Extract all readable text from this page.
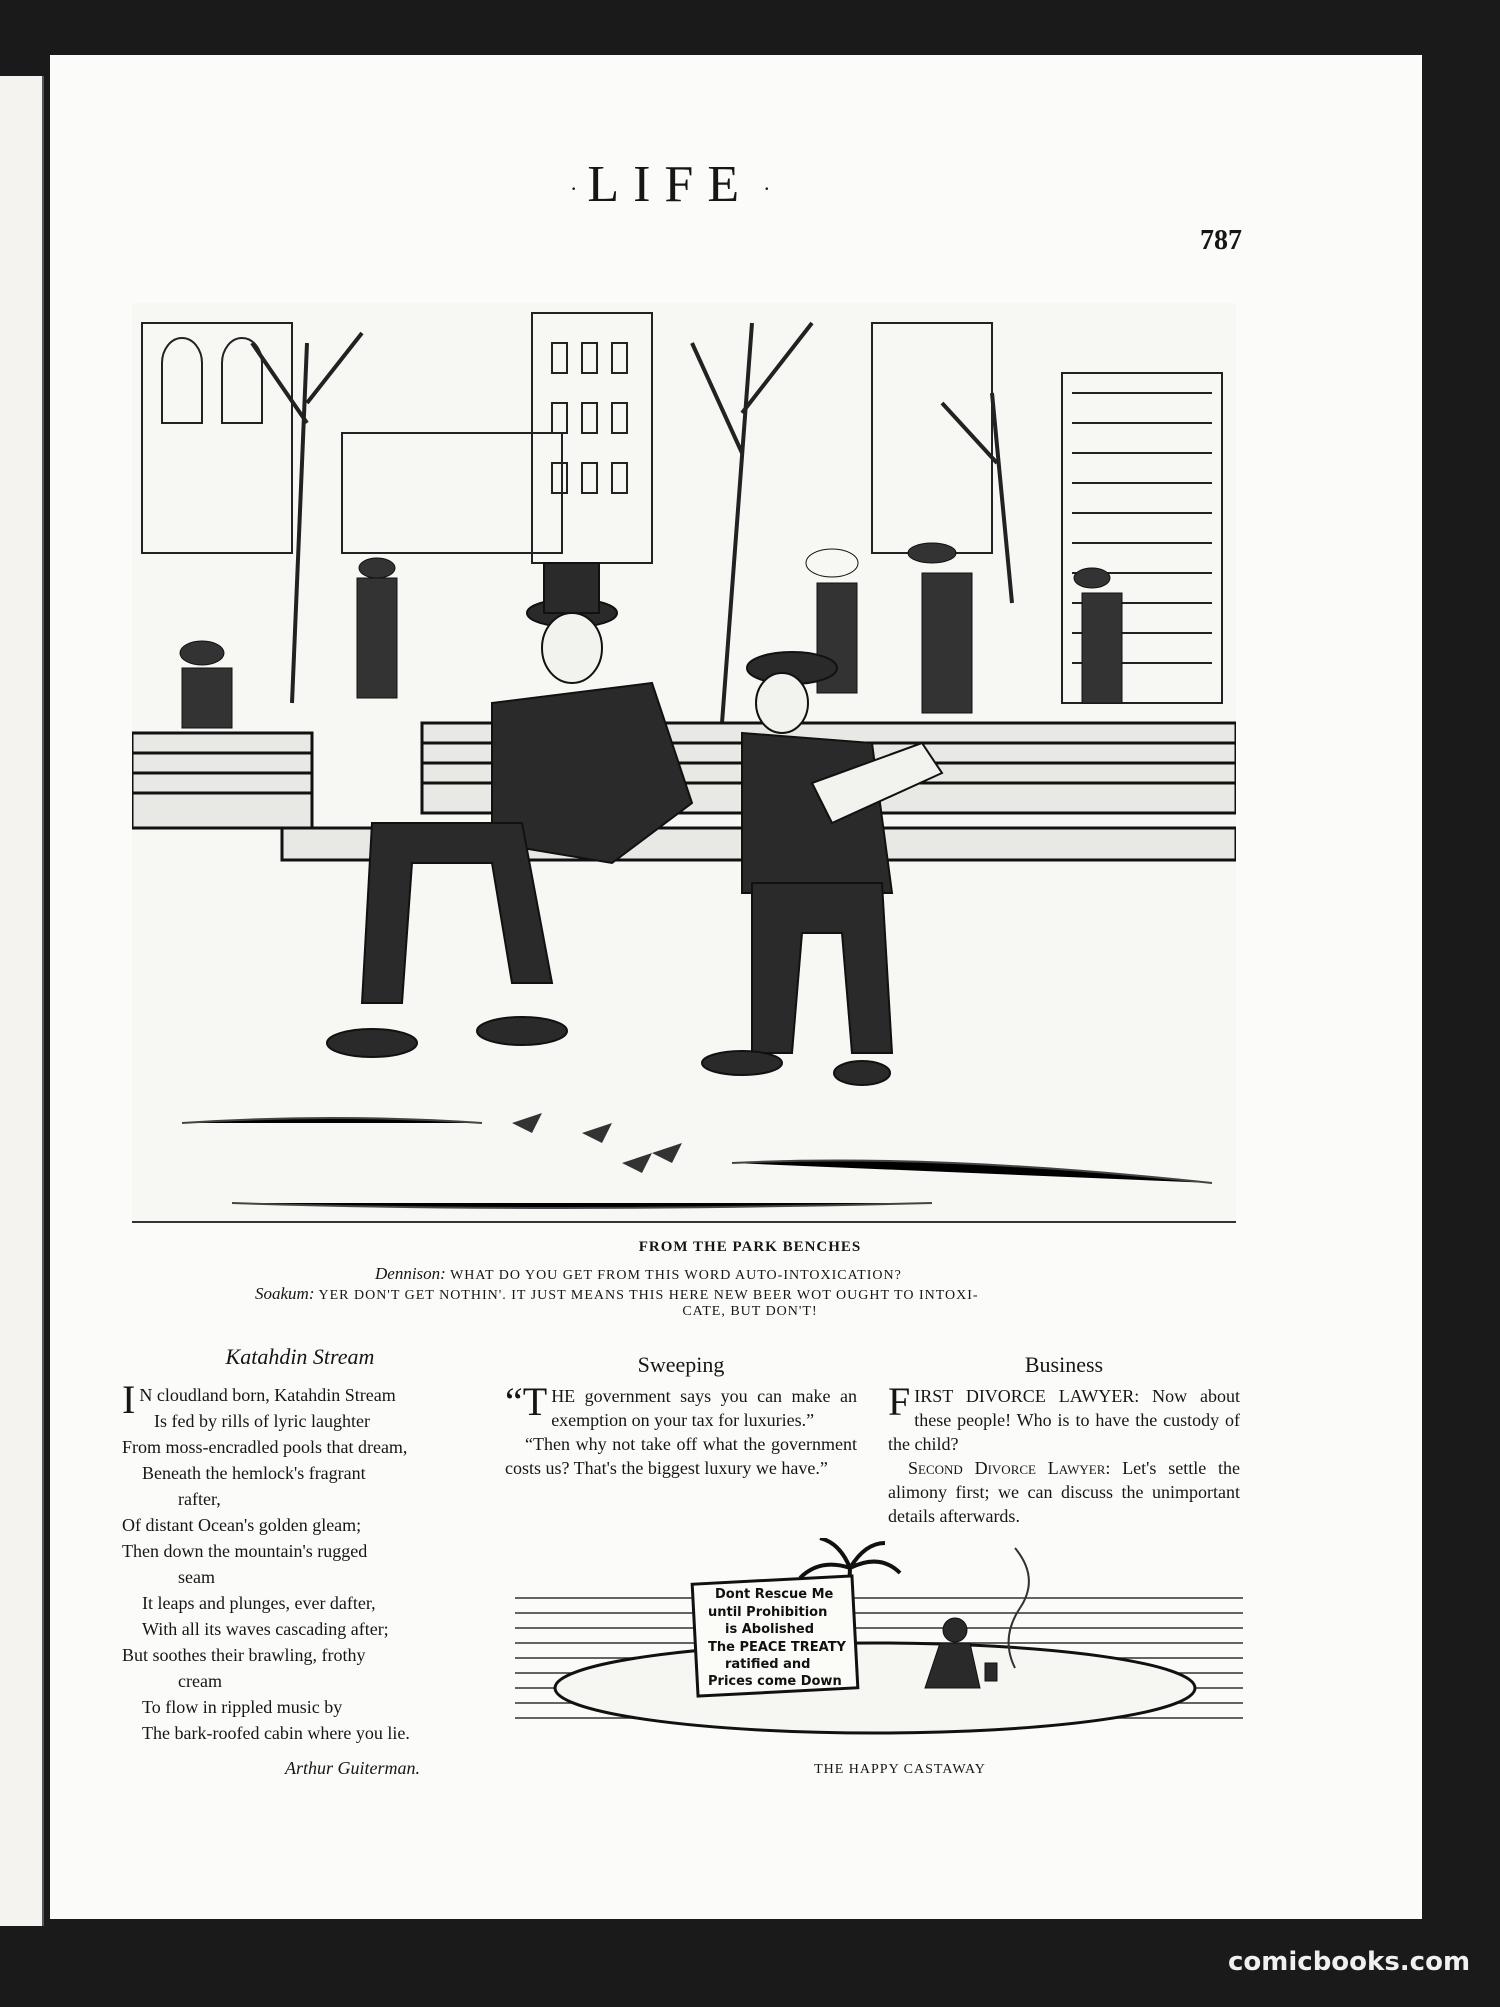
· LIFE ·
787
FROM THE PARK BENCHES
Dennison: WHAT DO YOU GET FROM THIS WORD AUTO-INTOXICATION?
Soakum: YER DON'T GET NOTHIN'. IT JUST MEANS THIS HERE NEW BEER WOT OUGHT TO INTOXI-
CATE, BUT DON'T!
Katahdin Stream
I N cloudland born, Katahdin Stream
Is fed by rills of lyric laughter
From moss-encradled pools that dream,
Beneath the hemlock's fragrant
rafter,
Of distant Ocean's golden gleam;
Then down the mountain's rugged
seam
It leaps and plunges, ever dafter,
With all its waves cascading after;
But soothes their brawling, frothy
cream
To flow in rippled music by
The bark-roofed cabin where you lie.
Arthur Guiterman.
Sweeping

“THE government says you can make an exemption on your tax for luxuries.”

“Then why not take off what the government costs us? That's the biggest luxury we have.”

Business

FIRST DIVORCE LAWYER: Now about these people! Who is to have the custody of the child?

Second Divorce Lawyer: Let's settle the alimony first; we can discuss the unimportant details afterwards.

Dont Rescue Me
until Prohibition
is Abolished
The PEACE TREATY
ratified and
Prices come Down
THE HAPPY CASTAWAY
comicbooks.com
